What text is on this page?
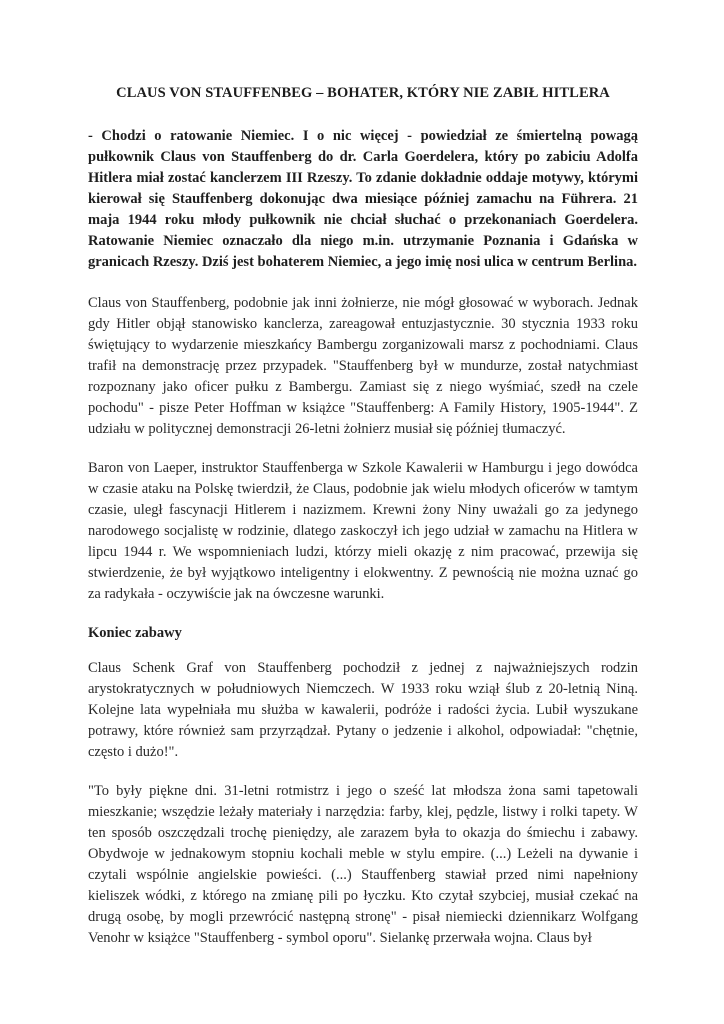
CLAUS VON STAUFFENBEG – BOHATER, KTÓRY NIE ZABIŁ HITLERA

- Chodzi o ratowanie Niemiec. I o nic więcej - powiedział ze śmiertelną powagą pułkownik Claus von Stauffenberg do dr. Carla Goerdelera, który po zabiciu Adolfa Hitlera miał zostać kanclerzem III Rzeszy. To zdanie dokładnie oddaje motywy, którymi kierował się Stauffenberg dokonując dwa miesiące później zamachu na Führera. 21 maja 1944 roku młody pułkownik nie chciał słuchać o przekonaniach Goerdelera. Ratowanie Niemiec oznaczało dla niego m.in. utrzymanie Poznania i Gdańska w granicach Rzeszy. Dziś jest bohaterem Niemiec, a jego imię nosi ulica w centrum Berlina.

Claus von Stauffenberg, podobnie jak inni żołnierze, nie mógł głosować w wyborach. Jednak gdy Hitler objął stanowisko kanclerza, zareagował entuzjastycznie. 30 stycznia 1933 roku świętujący to wydarzenie mieszkańcy Bambergu zorganizowali marsz z pochodniami. Claus trafił na demonstrację przez przypadek. "Stauffenberg był w mundurze, został natychmiast rozpoznany jako oficer pułku z Bambergu. Zamiast się z niego wyśmiać, szedł na czele pochodu" - pisze Peter Hoffman w książce "Stauffenberg: A Family History, 1905-1944". Z udziału w politycznej demonstracji 26-letni żołnierz musiał się później tłumaczyć.

Baron von Laeper, instruktor Stauffenberga w Szkole Kawalerii w Hamburgu i jego dowódca w czasie ataku na Polskę twierdził, że Claus, podobnie jak wielu młodych oficerów w tamtym czasie, uległ fascynacji Hitlerem i nazizmem. Krewni żony Niny uważali go za jedynego narodowego socjalistę w rodzinie, dlatego zaskoczył ich jego udział w zamachu na Hitlera w lipcu 1944 r. We wspomnieniach ludzi, którzy mieli okazję z nim pracować, przewija się stwierdzenie, że był wyjątkowo inteligentny i elokwentny. Z pewnością nie można uznać go za radykała - oczywiście jak na ówczesne warunki.

Koniec zabawy

Claus Schenk Graf von Stauffenberg pochodził z jednej z najważniejszych rodzin arystokratycznych w południowych Niemczech. W 1933 roku wziął ślub z 20-letnią Niną. Kolejne lata wypełniała mu służba w kawalerii, podróże i radości życia. Lubił wyszukane potrawy, które również sam przyrządzał. Pytany o jedzenie i alkohol, odpowiadał: "chętnie, często i dużo!".

"To były piękne dni. 31-letni rotmistrz i jego o sześć lat młodsza żona sami tapetowali mieszkanie; wszędzie leżały materiały i narzędzia: farby, klej, pędzle, listwy i rolki tapety. W ten sposób oszczędzali trochę pieniędzy, ale zarazem była to okazja do śmiechu i zabawy. Obydwoje w jednakowym stopniu kochali meble w stylu empire. (...) Leżeli na dywanie i czytali wspólnie angielskie powieści. (...) Stauffenberg stawiał przed nimi napełniony kieliszek wódki, z którego na zmianę pili po łyczku. Kto czytał szybciej, musiał czekać na drugą osobę, by mogli przewrócić następną stronę" - pisał niemiecki dziennikarz Wolfgang Venohr w książce "Stauffenberg - symbol oporu". Sielankę przerwała wojna. Claus był
